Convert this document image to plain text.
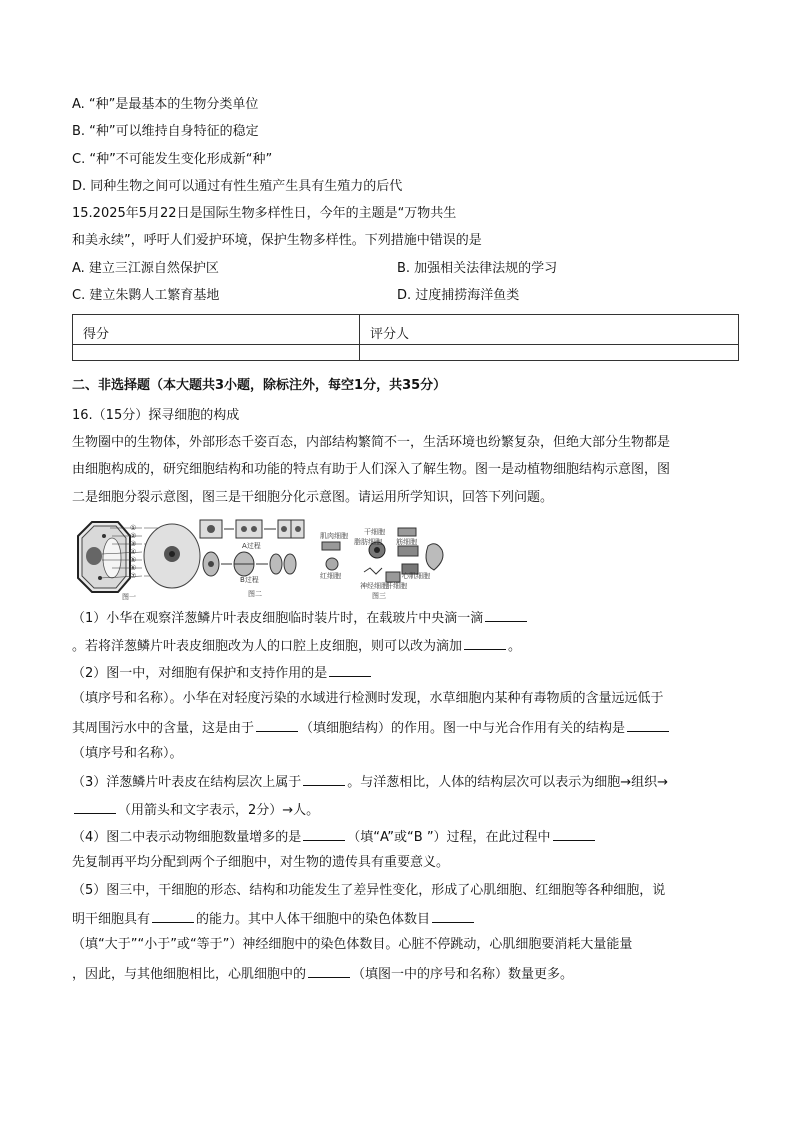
A. “种”是最基本的生物分类单位
B. “种”可以维持自身特征的稳定
C. “种”不可能发生变化形成新“种”
D. 同种生物之间可以通过有性生殖产生具有生殖力的后代
15.2025年5月22日是国际生物多样性日，今年的主题是“万物共生
和美永续”，呼吁人们爱护环境，保护生物多样性。下列措施中错误的是
A. 建立三江源自然保护区	B. 加强相关法律法规的学习
C. 建立朱鹮人工繁育基地	D. 过度捕捞海洋鱼类
得分	评分人

二、非选择题（本大题共3小题，除标注外，每空1分，共35分）
16.（15分）探寻细胞的构成
生物圈中的生物体，外部形态千姿百态，内部结构繁简不一，生活环境也纷繁复杂，但绝大部分生物都是
由细胞构成的，研究细胞结构和功能的特点有助于人们深入了解生物。图一是动植物细胞结构示意图，图
二是细胞分裂示意图，图三是干细胞分化示意图。请运用所学知识，回答下列问题。
①
②
③
④
⑤
⑥
⑦
图一
A过程
B过程
图二
干细胞
肌肉细胞
脂肪细胞 筋细胞
红细胞
神经细胞
肝细胞
心肌细胞
图三
（1）小华在观察洋葱鳞片叶表皮细胞临时装片时，在载玻片中央滴一滴
。若将洋葱鳞片叶表皮细胞改为人的口腔上皮细胞，则可以改为滴加	。
（2）图一中，对细胞有保护和支持作用的是
（填序号和名称）。小华在对轻度污染的水域进行检测时发现，水草细胞内某种有毒物质的含量远远低于
其周围污水中的含量，这是由于	（填细胞结构）的作用。图一中与光合作用有关的结构是
（填序号和名称）。
（3）洋葱鳞片叶表皮在结构层次上属于	。与洋葱相比，人体的结构层次可以表示为细胞→组织→
（用箭头和文字表示，2分）→人。
（4）图二中表示动物细胞数量增多的是	（填“A”或“B ”）过程，在此过程中
先复制再平均分配到两个子细胞中，对生物的遗传具有重要意义。
（5）图三中，干细胞的形态、结构和功能发生了差异性变化，形成了心肌细胞、红细胞等各种细胞，说
明干细胞具有	的能力。其中人体干细胞中的染色体数目
（填“大于”“小于”或“等于”）神经细胞中的染色体数目。心脏不停跳动，心肌细胞要消耗大量能量
，因此，与其他细胞相比，心肌细胞中的	（填图一中的序号和名称）数量更多。
